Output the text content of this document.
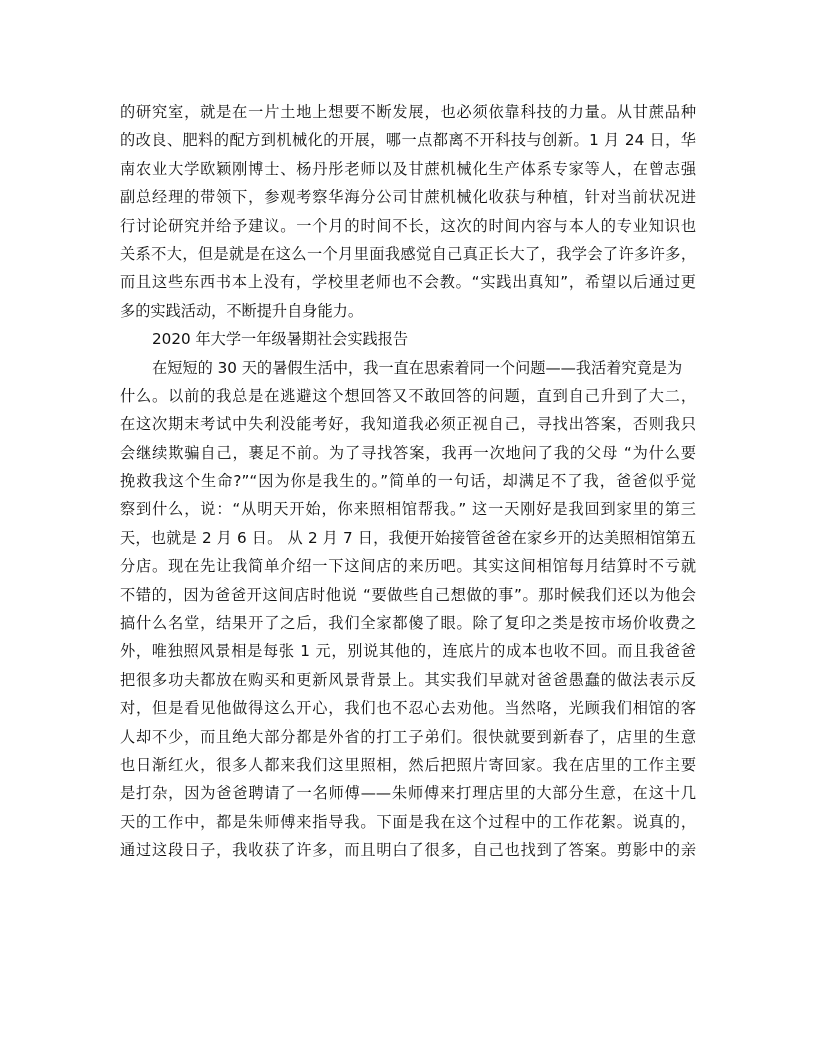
的研究室，就是在一片土地上想要不断发展，也必须依靠科技的力量。从甘蔗品种
的改良、肥料的配方到机械化的开展，哪一点都离不开科技与创新。1 月 24 日，华
南农业大学欧颖刚博士、杨丹彤老师以及甘蔗机械化生产体系专家等人，在曾志强
副总经理的带领下，参观考察华海分公司甘蔗机械化收获与种植，针对当前状况进
行讨论研究并给予建议。一个月的时间不长，这次的时间内容与本人的专业知识也
关系不大，但是就是在这么一个月里面我感觉自己真正长大了，我学会了许多许多，
而且这些东西书本上没有，学校里老师也不会教。“实践出真知”，希望以后通过更
多的实践活动，不断提升自身能力。
2020 年大学一年级暑期社会实践报告
在短短的 30 天的暑假生活中，我一直在思索着同一个问题——我活着究竟是为
什么。以前的我总是在逃避这个想回答又不敢回答的问题，直到自己升到了大二，
在这次期末考试中失利没能考好，我知道我必须正视自己，寻找出答案，否则我只
会继续欺骗自己，裹足不前。为了寻找答案，我再一次地问了我的父母 “为什么要
挽救我这个生命?”“因为你是我生的。”简单的一句话，却满足不了我，爸爸似乎觉
察到什么，说：“从明天开始，你来照相馆帮我。” 这一天刚好是我回到家里的第三
天，也就是 2 月 6 日。 从 2 月 7 日，我便开始接管爸爸在家乡开的达美照相馆第五
分店。现在先让我简单介绍一下这间店的来历吧。其实这间相馆每月结算时不亏就
不错的，因为爸爸开这间店时他说 “要做些自己想做的事”。那时候我们还以为他会
搞什么名堂，结果开了之后，我们全家都傻了眼。除了复印之类是按市场价收费之
外，唯独照风景相是每张 1 元，别说其他的，连底片的成本也收不回。而且我爸爸
把很多功夫都放在购买和更新风景背景上。其实我们早就对爸爸愚蠢的做法表示反
对，但是看见他做得这么开心，我们也不忍心去劝他。当然咯，光顾我们相馆的客
人却不少，而且绝大部分都是外省的打工子弟们。很快就要到新春了，店里的生意
也日渐红火，很多人都来我们这里照相，然后把照片寄回家。我在店里的工作主要
是打杂，因为爸爸聘请了一名师傅——朱师傅来打理店里的大部分生意，在这十几
天的工作中，都是朱师傅来指导我。下面是我在这个过程中的工作花絮。说真的，
通过这段日子，我收获了许多，而且明白了很多，自己也找到了答案。剪影中的亲
